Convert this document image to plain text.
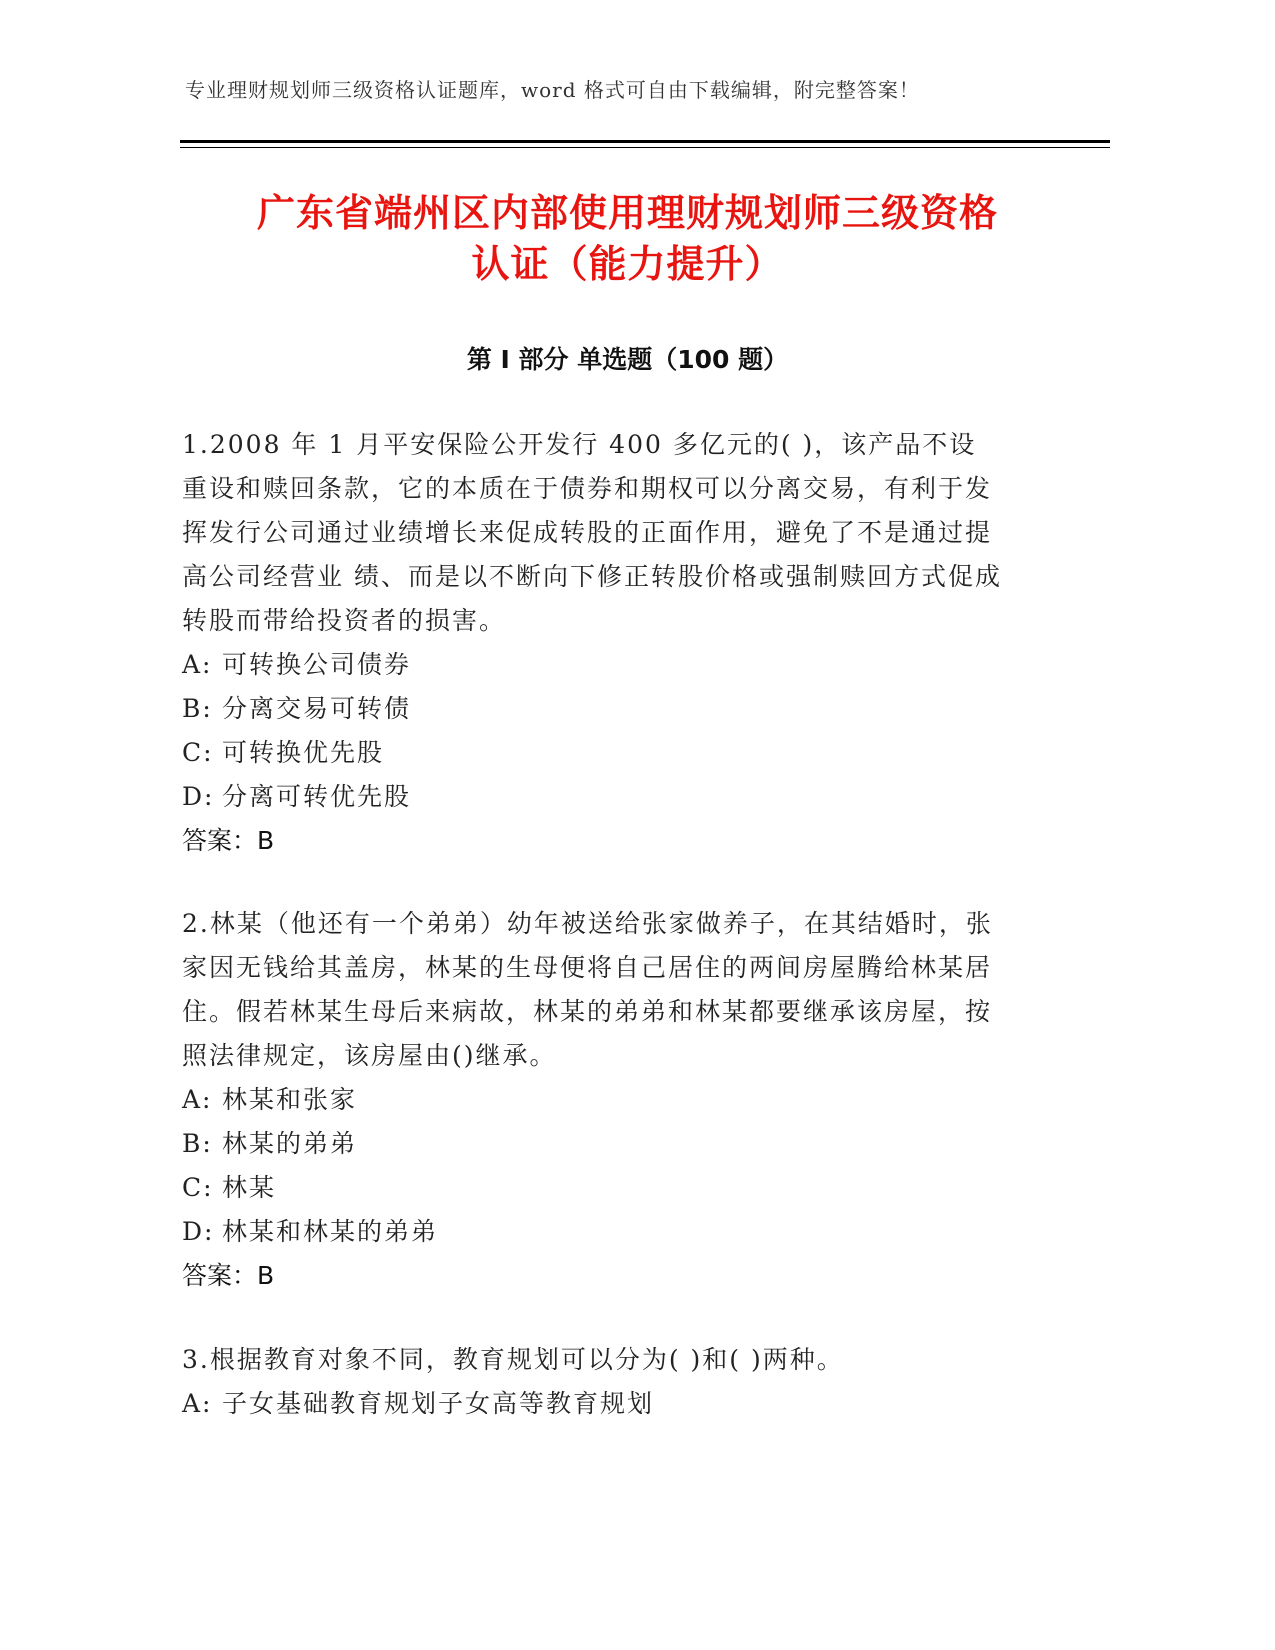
专业理财规划师三级资格认证题库，word 格式可自由下载编辑，附完整答案！
广东省端州区内部使用理财规划师三级资格
认证（能力提升）
第 I 部分 单选题（100 题）

1.2008 年 1 月平安保险公开发行 400 多亿元的( )，该产品不设

重设和赎回条款，它的本质在于债券和期权可以分离交易，有利于发

挥发行公司通过业绩增长来促成转股的正面作用，避免了不是通过提

高公司经营业 绩、而是以不断向下修正转股价格或强制赎回方式促成

转股而带给投资者的损害。

A: 可转换公司债券

B: 分离交易可转债

C: 可转换优先股

D: 分离可转优先股

答案：B

2.林某（他还有一个弟弟）幼年被送给张家做养子，在其结婚时，张

家因无钱给其盖房，林某的生母便将自己居住的两间房屋腾给林某居

住。假若林某生母后来病故，林某的弟弟和林某都要继承该房屋，按

照法律规定，该房屋由()继承。

A: 林某和张家

B: 林某的弟弟

C: 林某

D: 林某和林某的弟弟

答案：B

3.根据教育对象不同，教育规划可以分为( )和( )两种。

A: 子女基础教育规划子女高等教育规划
